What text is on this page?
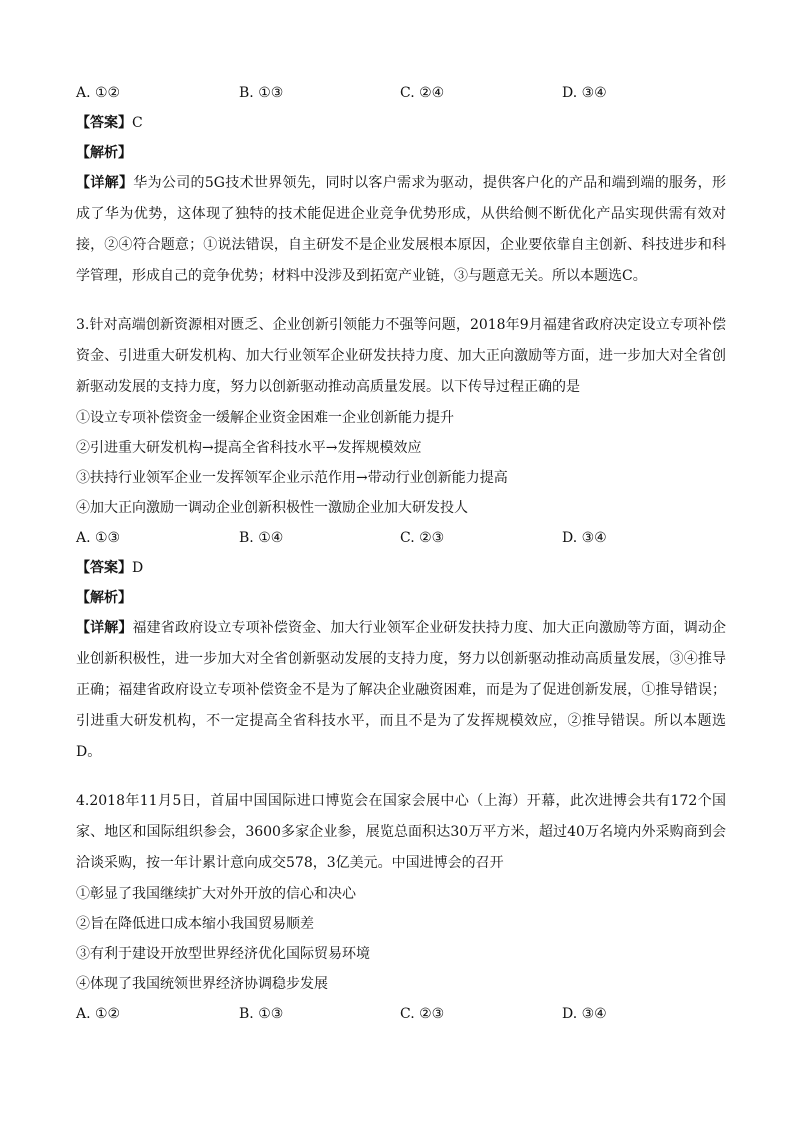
A. ①②	B. ①③	C. ②④	D. ③④
【答案】C
【解析】
【详解】华为公司的5G技术世界领先，同时以客户需求为驱动，提供客户化的产品和端到端的服务，形成了华为优势，这体现了独特的技术能促进企业竞争优势形成，从供给侧不断优化产品实现供需有效对接，②④符合题意；①说法错误，自主研发不是企业发展根本原因，企业要依靠自主创新、科技进步和科学管理，形成自己的竞争优势；材料中没涉及到拓宽产业链，③与题意无关。所以本题选C。
3.针对高端创新资源相对匮乏、企业创新引领能力不强等问题，2018年9月福建省政府决定设立专项补偿资金、引进重大研发机构、加大行业领军企业研发扶持力度、加大正向激励等方面，进一步加大对全省创新驱动发展的支持力度，努力以创新驱动推动高质量发展。以下传导过程正确的是
①设立专项补偿资金一缓解企业资金困难一企业创新能力提升
②引进重大研发机构→提高全省科技水平→发挥规模效应
③扶持行业领军企业一发挥领军企业示范作用→带动行业创新能力提高
④加大正向激励一调动企业创新积极性一激励企业加大研发投人
A. ①③	B. ①④	C. ②③	D. ③④
【答案】D
【解析】
【详解】福建省政府设立专项补偿资金、加大行业领军企业研发扶持力度、加大正向激励等方面，调动企业创新积极性，进一步加大对全省创新驱动发展的支持力度，努力以创新驱动推动高质量发展，③④推导正确；福建省政府设立专项补偿资金不是为了解决企业融资困难，而是为了促进创新发展，①推导错误；引进重大研发机构，不一定提高全省科技水平，而且不是为了发挥规模效应，②推导错误。所以本题选D。
4.2018年11月5日，首届中国国际进口博览会在国家会展中心（上海）开幕，此次进博会共有172个国家、地区和国际组织参会，3600多家企业参，展览总面积达30万平方米，超过40万名境内外采购商到会洽谈采购，按一年计累计意向成交578，3亿美元。中国进博会的召开
①彰显了我国继续扩大对外开放的信心和决心
②旨在降低进口成本缩小我国贸易顺差
③有利于建设开放型世界经济优化国际贸易环境
④体现了我国统领世界经济协调稳步发展
A. ①②	B. ①③	C. ②③	D. ③④
